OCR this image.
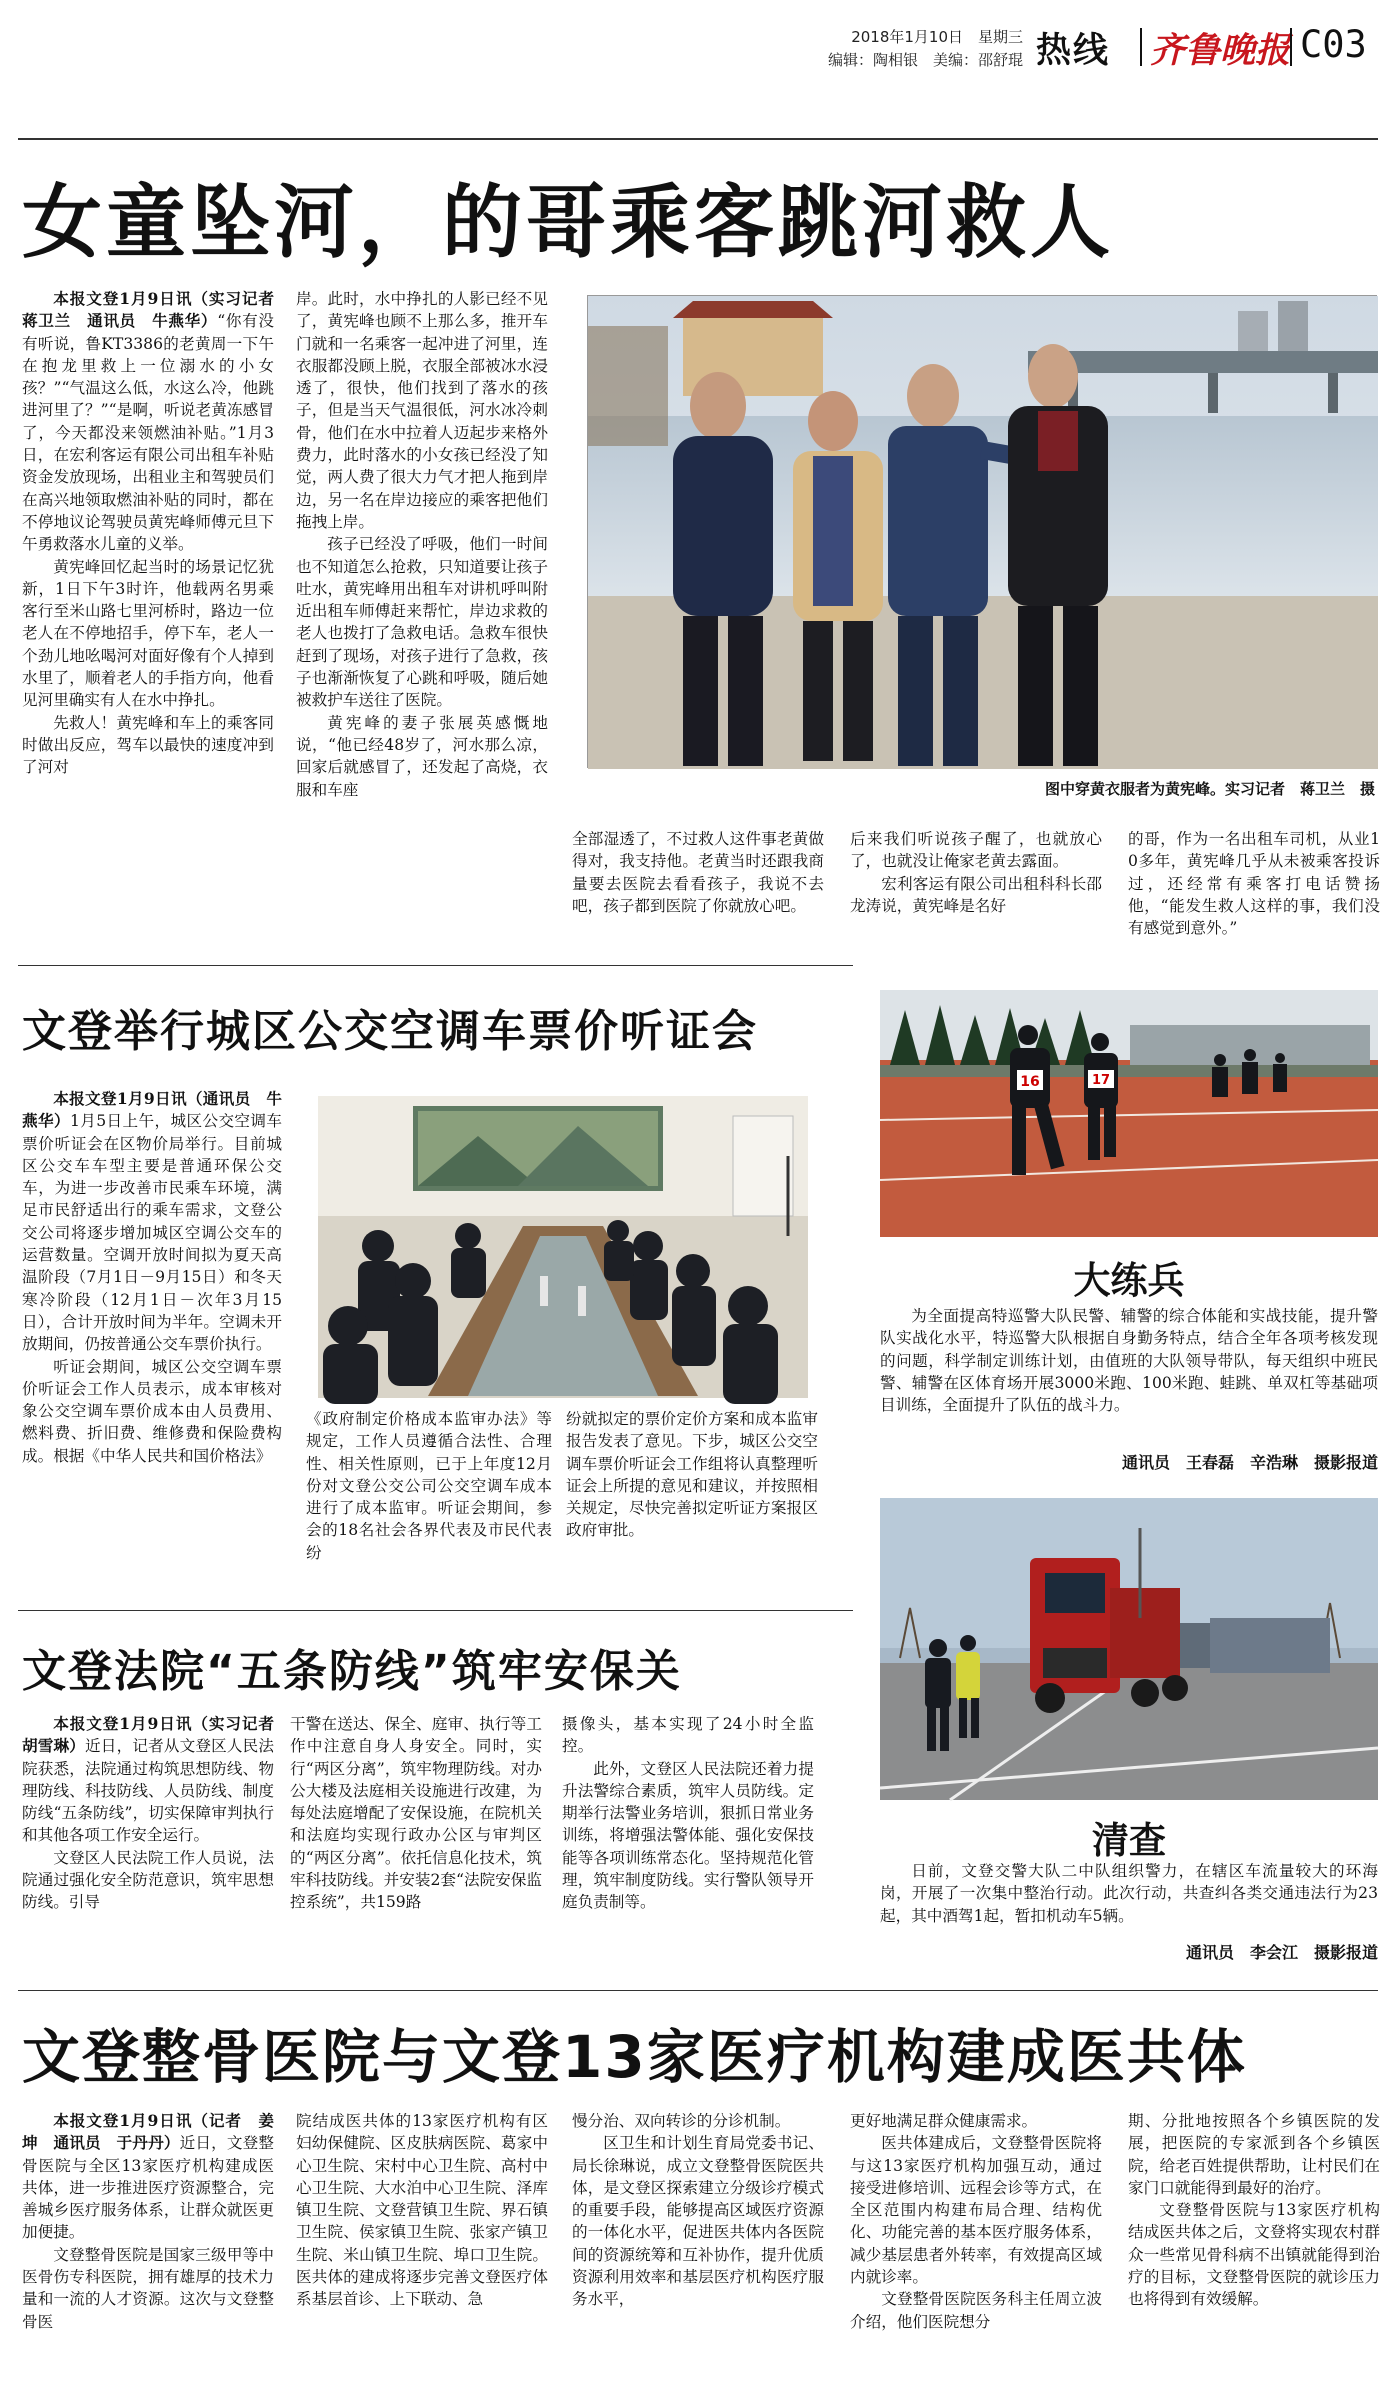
2018年1月10日　星期三
编辑：陶相银　美编：邵舒琨 热线 齐鲁晚报 C03
女童坠河，的哥乘客跳河救人

本报文登1月9日讯（实习记者　蒋卫兰　通讯员　牛燕华）“你有没有听说，鲁KT3386的老黄周一下午在抱龙里救上一位溺水的小女孩？”“气温这么低，水这么冷，他跳进河里了？”“是啊，听说老黄冻感冒了，今天都没来领燃油补贴。”1月3日，在宏利客运有限公司出租车补贴资金发放现场，出租业主和驾驶员们在高兴地领取燃油补贴的同时，都在不停地议论驾驶员黄宪峰师傅元旦下午勇救落水儿童的义举。

黄宪峰回忆起当时的场景记忆犹新，1日下午3时许，他载两名男乘客行至米山路七里河桥时，路边一位老人在不停地招手，停下车，老人一个劲儿地吆喝河对面好像有个人掉到水里了，顺着老人的手指方向，他看见河里确实有人在水中挣扎。

先救人！黄宪峰和车上的乘客同时做出反应，驾车以最快的速度冲到了河对

岸。此时，水中挣扎的人影已经不见了，黄宪峰也顾不上那么多，推开车门就和一名乘客一起冲进了河里，连衣服都没顾上脱，衣服全部被冰水浸透了，很快，他们找到了落水的孩子，但是当天气温很低，河水冰冷刺骨，他们在水中拉着人迈起步来格外费力，此时落水的小女孩已经没了知觉，两人费了很大力气才把人拖到岸边，另一名在岸边接应的乘客把他们拖拽上岸。

孩子已经没了呼吸，他们一时间也不知道怎么抢救，只知道要让孩子吐水，黄宪峰用出租车对讲机呼叫附近出租车师傅赶来帮忙，岸边求救的老人也拨打了急救电话。急救车很快赶到了现场，对孩子进行了急救，孩子也渐渐恢复了心跳和呼吸，随后她被救护车送往了医院。

黄宪峰的妻子张展英感慨地说，“他已经48岁了，河水那么凉，回家后就感冒了，还发起了高烧，衣服和车座

全部湿透了，不过救人这件事老黄做得对，我支持他。老黄当时还跟我商量要去医院去看看孩子，我说不去吧，孩子都到医院了你就放心吧。

后来我们听说孩子醒了，也就放心了，也就没让俺家老黄去露面。

宏利客运有限公司出租科科长邵龙涛说，黄宪峰是名好

的哥，作为一名出租车司机，从业10多年，黄宪峰几乎从未被乘客投诉过，还经常有乘客打电话赞扬他，“能发生救人这样的事，我们没有感觉到意外。”
图中穿黄衣服者为黄宪峰。实习记者　蒋卫兰　摄
文登举行城区公交空调车票价听证会

本报文登1月9日讯（通讯员　牛燕华）1月5日上午，城区公交空调车票价听证会在区物价局举行。目前城区公交车车型主要是普通环保公交车，为进一步改善市民乘车环境，满足市民舒适出行的乘车需求，文登公交公司将逐步增加城区空调公交车的运营数量。空调开放时间拟为夏天高温阶段（7月1日－9月15日）和冬天寒冷阶段（12月1日－次年3月15日），合计开放时间为半年。空调未开放期间，仍按普通公交车票价执行。

听证会期间，城区公交空调车票价听证会工作人员表示，成本审核对象公交空调车票价成本由人员费用、燃料费、折旧费、维修费和保险费构成。根据《中华人民共和国价格法》

《政府制定价格成本监审办法》等规定，工作人员遵循合法性、合理性、相关性原则，已于上年度12月份对文登公交公司公交空调车成本进行了成本监审。听证会期间，参会的18名社会各界代表及市民代表纷
纷就拟定的票价定价方案和成本监审报告发表了意见。下步，城区公交空调车票价听证会工作组将认真整理听证会上所提的意见和建议，并按照相关规定，尽快完善拟定听证方案报区政府审批。
文登法院“五条防线”筑牢安保关

本报文登1月9日讯（实习记者　胡雪琳）近日，记者从文登区人民法院获悉，法院通过构筑思想防线、物理防线、科技防线、人员防线、制度防线“五条防线”，切实保障审判执行和其他各项工作安全运行。

文登区人民法院工作人员说，法院通过强化安全防范意识，筑牢思想防线。引导

干警在送达、保全、庭审、执行等工作中注意自身人身安全。同时，实行“两区分离”，筑牢物理防线。对办公大楼及法庭相关设施进行改建，为每处法庭增配了安保设施，在院机关和法庭均实现行政办公区与审判区的“两区分离”。依托信息化技术，筑牢科技防线。并安装2套“法院安保监控系统”，共159路

摄像头，基本实现了24小时全监控。

此外，文登区人民法院还着力提升法警综合素质，筑牢人员防线。定期举行法警业务培训，狠抓日常业务训练，将增强法警体能、强化安保技能等各项训练常态化。坚持规范化管理，筑牢制度防线。实行警队领导开庭负责制等。

16	17
大练兵

为全面提高特巡警大队民警、辅警的综合体能和实战技能，提升警队实战化水平，特巡警大队根据自身勤务特点，结合全年各项考核发现的问题，科学制定训练计划，由值班的大队领导带队，每天组织中班民警、辅警在区体育场开展3000米跑、100米跑、蛙跳、单双杠等基础项目训练，全面提升了队伍的战斗力。

通讯员　王春磊　辛浩琳　摄影报道
清查

日前，文登交警大队二中队组织警力，在辖区车流量较大的环海岗，开展了一次集中整治行动。此次行动，共查纠各类交通违法行为23起，其中酒驾1起，暂扣机动车5辆。

通讯员　李会江　摄影报道
文登整骨医院与文登13家医疗机构建成医共体

本报文登1月9日讯（记者　姜坤　通讯员　于丹丹）近日，文登整骨医院与全区13家医疗机构建成医共体，进一步推进医疗资源整合，完善城乡医疗服务体系，让群众就医更加便捷。

文登整骨医院是国家三级甲等中医骨伤专科医院，拥有雄厚的技术力量和一流的人才资源。这次与文登整骨医

院结成医共体的13家医疗机构有区妇幼保健院、区皮肤病医院、葛家中心卫生院、宋村中心卫生院、高村中心卫生院、大水泊中心卫生院、泽库镇卫生院、文登营镇卫生院、界石镇卫生院、侯家镇卫生院、张家产镇卫生院、米山镇卫生院、埠口卫生院。医共体的建成将逐步完善文登医疗体系基层首诊、上下联动、急

慢分治、双向转诊的分诊机制。

区卫生和计划生育局党委书记、局长徐琳说，成立文登整骨医院医共体，是文登区探索建立分级诊疗模式的重要手段，能够提高区域医疗资源的一体化水平，促进医共体内各医院间的资源统筹和互补协作，提升优质资源利用效率和基层医疗机构医疗服务水平，

更好地满足群众健康需求。

医共体建成后，文登整骨医院将与这13家医疗机构加强互动，通过接受进修培训、远程会诊等方式，在全区范围内构建布局合理、结构优化、功能完善的基本医疗服务体系，减少基层患者外转率，有效提高区域内就诊率。

文登整骨医院医务科主任周立波介绍，他们医院想分

期、分批地按照各个乡镇医院的发展，把医院的专家派到各个乡镇医院，给老百姓提供帮助，让村民们在家门口就能得到最好的治疗。

文登整骨医院与13家医疗机构结成医共体之后，文登将实现农村群众一些常见骨科病不出镇就能得到治疗的目标，文登整骨医院的就诊压力也将得到有效缓解。
